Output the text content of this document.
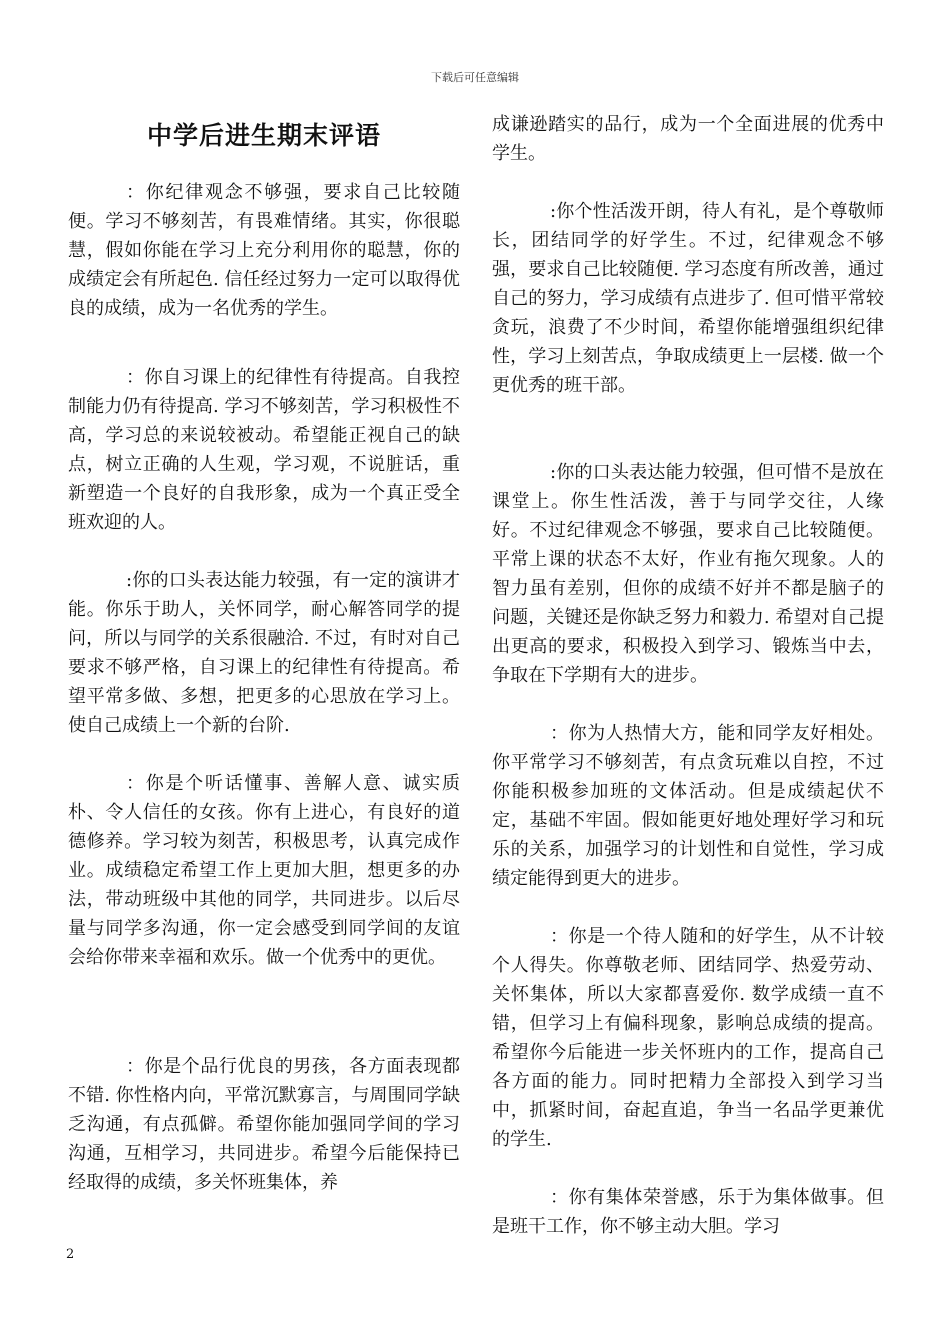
下载后可任意编辑
中学后进生期末评语

：你纪律观念不够强，要求自己比较随便。学习不够刻苦，有畏难情绪。其实，你很聪慧，假如你能在学习上充分利用你的聪慧，你的成绩定会有所起色. 信任经过努力一定可以取得优良的成绩，成为一名优秀的学生。

：你自习课上的纪律性有待提高。自我控制能力仍有待提高. 学习不够刻苦，学习积极性不高，学习总的来说较被动。希望能正视自己的缺点，树立正确的人生观，学习观，不说脏话，重新塑造一个良好的自我形象，成为一个真正受全班欢迎的人。

:你的口头表达能力较强，有一定的演讲才能。你乐于助人，关怀同学，耐心解答同学的提问，所以与同学的关系很融洽. 不过，有时对自己要求不够严格，自习课上的纪律性有待提高。希望平常多做、多想，把更多的心思放在学习上。使自己成绩上一个新的台阶.

：你是个听话懂事、善解人意、诚实质朴、令人信任的女孩。你有上进心，有良好的道德修养。学习较为刻苦，积极思考，认真完成作业。成绩稳定希望工作上更加大胆，想更多的办法，带动班级中其他的同学，共同进步。以后尽量与同学多沟通，你一定会感受到同学间的友谊会给你带来幸福和欢乐。做一个优秀中的更优。

：你是个品行优良的男孩，各方面表现都不错. 你性格内向，平常沉默寡言，与周围同学缺乏沟通，有点孤僻。希望你能加强同学间的学习沟通，互相学习，共同进步。希望今后能保持已经取得的成绩，多关怀班集体，养

成谦逊踏实的品行，成为一个全面进展的优秀中学生。

:你个性活泼开朗，待人有礼，是个尊敬师长，团结同学的好学生。不过，纪律观念不够强，要求自己比较随便. 学习态度有所改善，通过自己的努力，学习成绩有点进步了. 但可惜平常较贪玩，浪费了不少时间，希望你能增强组织纪律性，学习上刻苦点，争取成绩更上一层楼. 做一个更优秀的班干部。

:你的口头表达能力较强，但可惜不是放在课堂上。你生性活泼，善于与同学交往，人缘好。不过纪律观念不够强，要求自己比较随便。平常上课的状态不太好，作业有拖欠现象。人的智力虽有差别，但你的成绩不好并不都是脑子的问题，关键还是你缺乏努力和毅力. 希望对自己提出更高的要求，积极投入到学习、锻炼当中去，争取在下学期有大的进步。

：你为人热情大方，能和同学友好相处。你平常学习不够刻苦，有点贪玩难以自控，不过你能积极参加班的文体活动。但是成绩起伏不定，基础不牢固。假如能更好地处理好学习和玩乐的关系，加强学习的计划性和自觉性，学习成绩定能得到更大的进步。

：你是一个待人随和的好学生，从不计较个人得失。你尊敬老师、团结同学、热爱劳动、关怀集体，所以大家都喜爱你. 数学成绩一直不错，但学习上有偏科现象，影响总成绩的提高。希望你今后能进一步关怀班内的工作，提高自己各方面的能力。同时把精力全部投入到学习当中，抓紧时间，奋起直追，争当一名品学更兼优的学生.

：你有集体荣誉感，乐于为集体做事。但是班干工作，你不够主动大胆。学习

2
